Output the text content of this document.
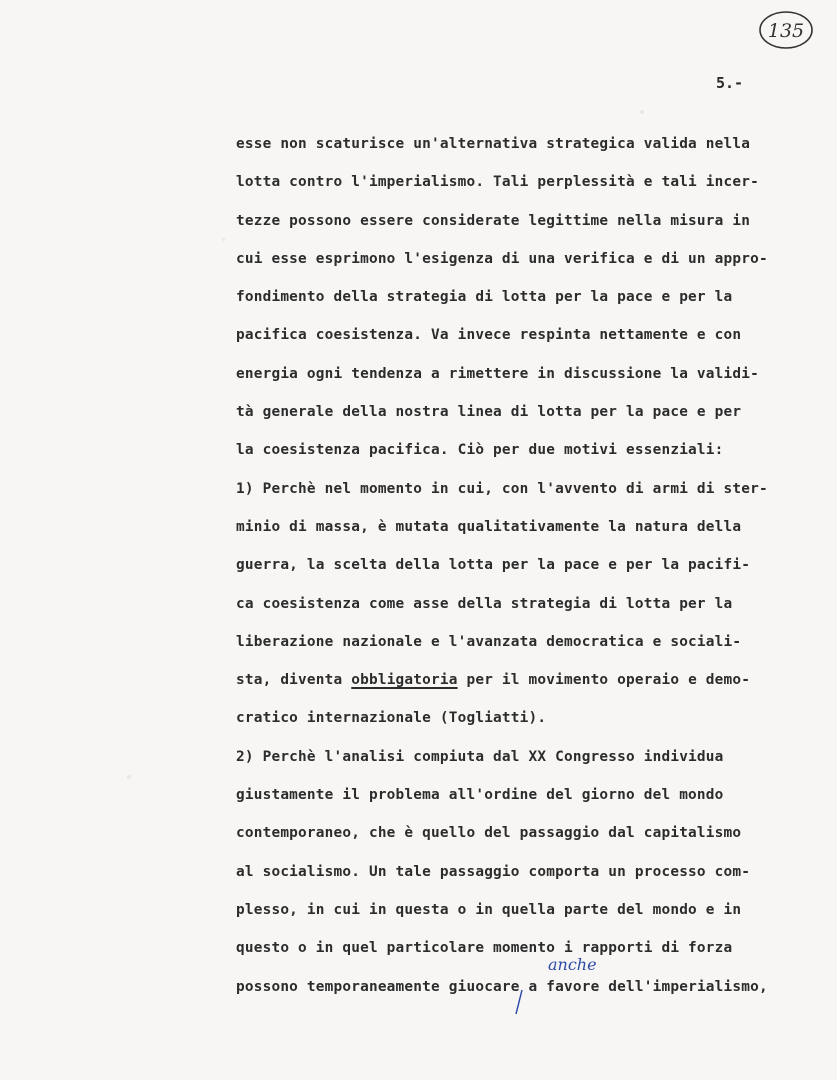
135
5.-
esse non scaturisce un'alternativa strategica valida nella
lotta contro l'imperialismo. Tali perplessità e tali incer-
tezze possono essere considerate legittime nella misura in
cui esse esprimono l'esigenza di una verifica e di un appro-
fondimento della strategia di lotta per la pace e per la
pacifica coesistenza. Va invece respinta nettamente e con
energia ogni tendenza a rimettere in discussione la validi-
tà generale della nostra linea di lotta per la pace e per
la coesistenza pacifica. Ciò per due motivi essenziali:
1) Perchè nel momento in cui, con l'avvento di armi di ster-
minio di massa, è mutata qualitativamente la natura della
guerra, la scelta della lotta per la pace e per la pacifi-
ca coesistenza come asse della strategia di lotta per la
liberazione nazionale e l'avanzata democratica e sociali-
sta, diventa obbligatoria per il movimento operaio e demo-
cratico internazionale (Togliatti).
2) Perchè l'analisi compiuta dal XX Congresso individua
giustamente il problema all'ordine del giorno del mondo
contemporaneo, che è quello del passaggio dal capitalismo
al socialismo. Un tale passaggio comporta un processo com-
plesso, in cui in questa o in quella parte del mondo e in
questo o in quel particolare momento i rapporti di forza
possono temporaneamente giuocare a favore dell'imperialismo,
anche
